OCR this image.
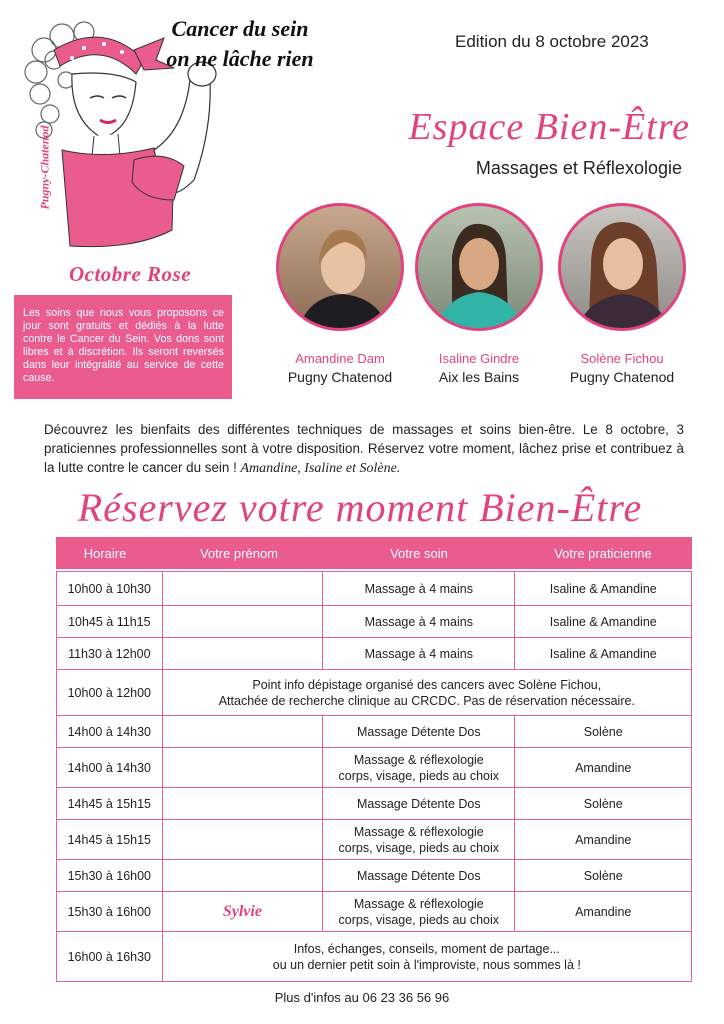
Cancer du sein
on ne lâche rien
Pugny-Chatenod
Octobre Rose
Edition du 8 octobre 2023
Les soins que nous vous proposons ce jour sont gratuits et dédiés à la lutte contre le Cancer du Sein. Vos dons sont libres et à discrétion. Ils seront reversés dans leur intégralité au service de cette cause.
Espace Bien-Être
Massages et Réflexologie
Amandine Dam
Pugny Chatenod
Isaline Gindre
Aix les Bains
Solène Fichou
Pugny Chatenod
Découvrez les bienfaits des différentes techniques de massages et soins bien-être. Le 8 octobre, 3 praticiennes professionnelles sont à votre disposition. Réservez votre moment, lâchez prise et contribuez à la lutte contre le cancer du sein ! Amandine, Isaline et Solène.
Réservez votre moment Bien-Être
Horaire	Votre prénom	Votre soin	Votre praticienne
10h00 à 10h30		Massage à 4 mains	Isaline & Amandine
10h45 à 11h15		Massage à 4 mains	Isaline & Amandine
11h30 à 12h00		Massage à 4 mains	Isaline & Amandine
10h00 à 12h00	Point info dépistage organisé des cancers avec Solène Fichou,
Attachée de recherche clinique au CRCDC. Pas de réservation nécessaire.		
14h00 à 14h30		Massage Détente Dos	Solène
14h00 à 14h30		Massage & réflexologie
corps, visage, pieds au choix	Amandine
14h45 à 15h15		Massage Détente Dos	Solène
14h45 à 15h15		Massage & réflexologie
corps, visage, pieds au choix	Amandine
15h30 à 16h00		Massage Détente Dos	Solène
15h30 à 16h00	Sylvie	Massage & réflexologie
corps, visage, pieds au choix	Amandine
16h00 à 16h30	Infos, échanges, conseils, moment de partage...
ou un dernier petit soin à l'improviste, nous sommes là !		
Plus d'infos au 06 23 36 56 96
